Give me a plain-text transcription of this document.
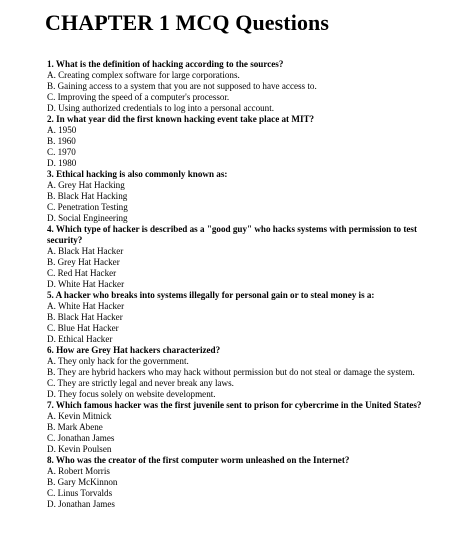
CHAPTER 1 MCQ Questions
1. What is the definition of hacking according to the sources?
A. Creating complex software for large corporations.
B. Gaining access to a system that you are not supposed to have access to.
C. Improving the speed of a computer's processor.
D. Using authorized credentials to log into a personal account.
2. In what year did the first known hacking event take place at MIT?
A. 1950
B. 1960
C. 1970
D. 1980
3. Ethical hacking is also commonly known as:
A. Grey Hat Hacking
B. Black Hat Hacking
C. Penetration Testing
D. Social Engineering
4. Which type of hacker is described as a "good guy" who hacks systems with permission to test security?
A. Black Hat Hacker
B. Grey Hat Hacker
C. Red Hat Hacker
D. White Hat Hacker
5. A hacker who breaks into systems illegally for personal gain or to steal money is a:
A. White Hat Hacker
B. Black Hat Hacker
C. Blue Hat Hacker
D. Ethical Hacker
6. How are Grey Hat hackers characterized?
A. They only hack for the government.
B. They are hybrid hackers who may hack without permission but do not steal or damage the system.
C. They are strictly legal and never break any laws.
D. They focus solely on website development.
7. Which famous hacker was the first juvenile sent to prison for cybercrime in the United States?
A. Kevin Mitnick
B. Mark Abene
C. Jonathan James
D. Kevin Poulsen
8. Who was the creator of the first computer worm unleashed on the Internet?
A. Robert Morris
B. Gary McKinnon
C. Linus Torvalds
D. Jonathan James
